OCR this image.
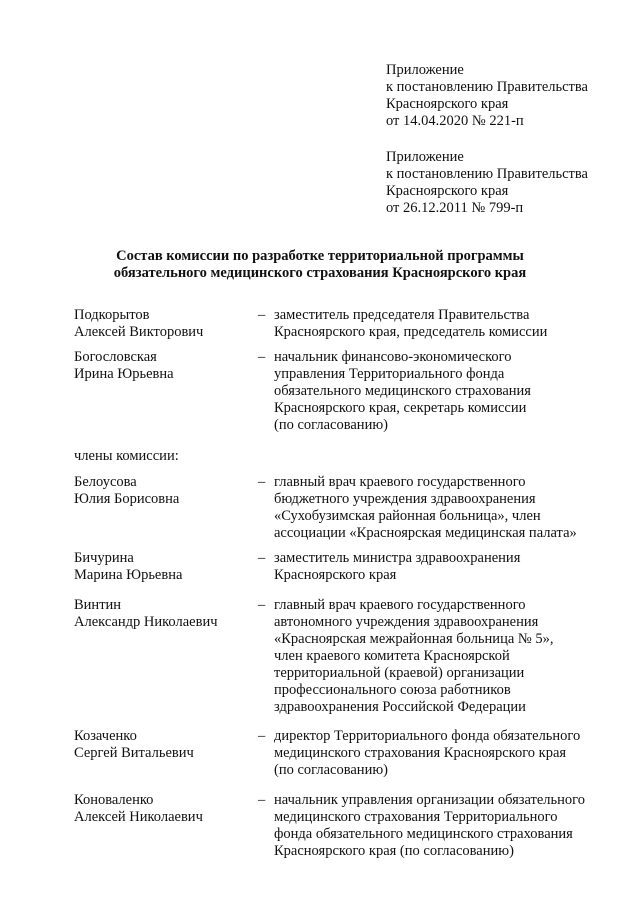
Приложение
к постановлению Правительства
Красноярского края
от 14.04.2020 № 221-п
Приложение
к постановлению Правительства
Красноярского края
от 26.12.2011 № 799-п
Состав комиссии по разработке территориальной программы
обязательного медицинского страхования Красноярского края
Подкорытов
Алексей Викторович
– заместитель председателя Правительства
Красноярского края, председатель комиссии
Богословская
Ирина Юрьевна
– начальник финансово-экономического
управления Территориального фонда
обязательного медицинского страхования
Красноярского края, секретарь комиссии
(по согласованию)
члены комиссии:
Белоусова
Юлия Борисовна
– главный врач краевого государственного
бюджетного учреждения здравоохранения
«Сухобузимская районная больница», член
ассоциации «Красноярская медицинская палата»
Бичурина
Марина Юрьевна
– заместитель министра здравоохранения
Красноярского края
Винтин
Александр Николаевич
– главный врач краевого государственного
автономного учреждения здравоохранения
«Красноярская межрайонная больница № 5»,
член краевого комитета Красноярской
территориальной (краевой) организации
профессионального союза работников
здравоохранения Российской Федерации
Козаченко
Сергей Витальевич
– директор Территориального фонда обязательного
медицинского страхования Красноярского края
(по согласованию)
Коноваленко
Алексей Николаевич
– начальник управления организации обязательного
медицинского страхования Территориального
фонда обязательного медицинского страхования
Красноярского края (по согласованию)
